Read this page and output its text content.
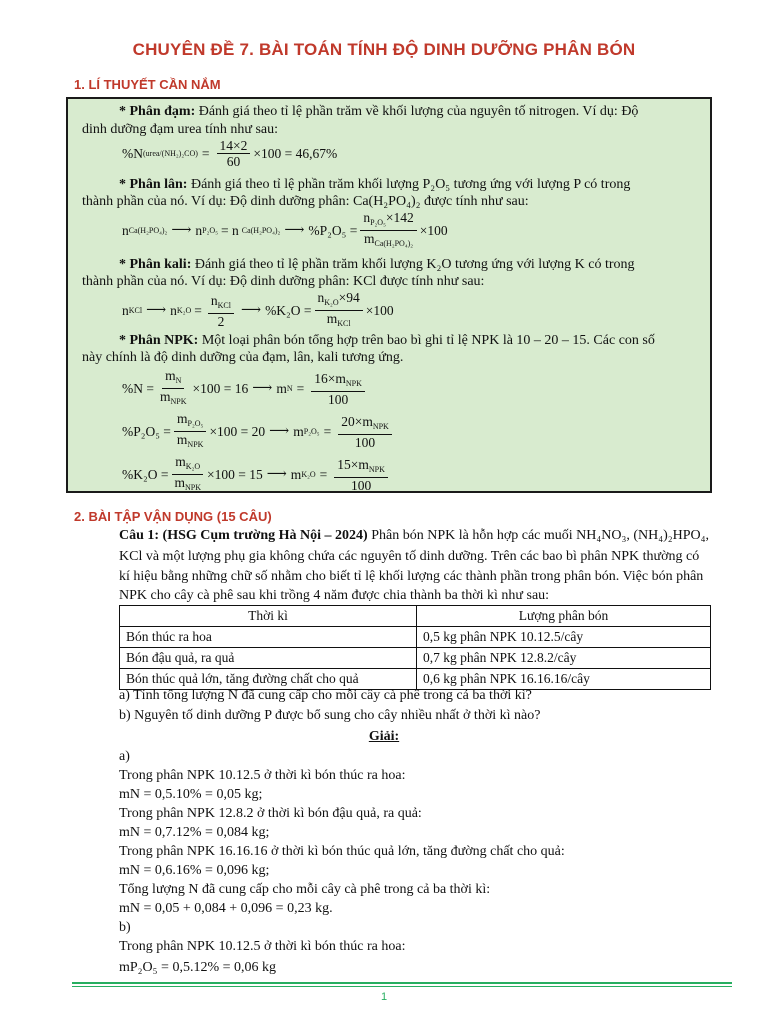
CHUYÊN ĐỀ 7. BÀI TOÁN TÍNH ĐỘ DINH DƯỠNG PHÂN BÓN
1. LÍ THUYẾT CẦN NẮM
* Phân đạm: Đánh giá theo tỉ lệ phần trăm về khối lượng của nguyên tố nitrogen. Ví dụ: Độ
dinh dưỡng đạm urea tính như sau:
%N (urea/(NH₂)₂CO) = $\frac{14\times 2}{60} \times 100 = 46,67\%$
* Phân lân: Đánh giá theo tỉ lệ phần trăm khối lượng P₂O₅ tương ứng với lượng P có trong
thành phần của nó. Ví dụ: Độ dinh dưỡng phân: Ca(H₂PO₄)₂ được tính như sau:
n Ca(H₂PO₄)₂ ⟶ n P₂O₅ = n Ca(H₂PO₄)₂ ⟶ $\%P_2O_5 = \frac{n_{P_2O_5}\times 142}{m_{Ca(H_2PO_4)_2}} \times 100$
* Phân kali: Đánh giá theo tỉ lệ phần trăm khối lượng K₂O tương ứng với lượng K có trong
thành phần của nó. Ví dụ: Độ dinh dưỡng phân: KCl được tính như sau:
n KCl ⟶ n $K_2O = \frac{n_{KCl}}{2}$ ⟶ $\%K_2O = \frac{n_{K_2O}\times 94}{m_{KCl}} \times 100$
* Phân NPK: Một loại phân bón tổng hợp trên bao bì ghi tỉ lệ NPK là 10 – 20 – 15. Các con số
này chính là độ dinh dưỡng của đạm, lân, kali tương ứng.
$\%N = \frac{m_N}{m_{NPK}} \times 100 = 16$ ⟶ m $N = \frac{16\times m_{NPK}}{100}$
$\%P_2O_5 = \frac{m_{P_2O_5}}{m_{NPK}} \times 100 = 20$ ⟶ m $P_2O_5 = \frac{20\times m_{NPK}}{100}$
$\%K_2O = \frac{m_{K_2O}}{m_{NPK}} \times 100 = 15$ ⟶ m $K_2O = \frac{15\times m_{NPK}}{100}$
2. BÀI TẬP VẬN DỤNG (15 CÂU)
Câu 1: (HSG Cụm trường Hà Nội – 2024) Phân bón NPK là hỗn hợp các muối NH₄NO₃, (NH₄)₂HPO₄,
KCl và một lượng phụ gia không chứa các nguyên tố dinh dưỡng. Trên các bao bì phân NPK thường có
kí hiệu bằng những chữ số nhằm cho biết tỉ lệ khối lượng các thành phần trong phân bón. Việc bón phân
NPK cho cây cà phê sau khi trồng 4 năm được chia thành ba thời kì như sau:
Thời kì	Lượng phân bón
Bón thúc ra hoa	0,5 kg phân NPK 10.12.5/cây
Bón đậu quả, ra quả	0,7 kg phân NPK 12.8.2/cây
Bón thúc quả lớn, tăng đường chất cho quả	0,6 kg phân NPK 16.16.16/cây
a) Tính tổng lượng N đã cung cấp cho mỗi cây cà phê trong cả ba thời kì?
b) Nguyên tố dinh dưỡng P được bổ sung cho cây nhiều nhất ở thời kì nào?
Giải:
a)
Trong phân NPK 10.12.5 ở thời kì bón thúc ra hoa:
mN = 0,5.10% = 0,05 kg;
Trong phân NPK 12.8.2 ở thời kì bón đậu quả, ra quả:
mN = 0,7.12% = 0,084 kg;
Trong phân NPK 16.16.16 ở thời kì bón thúc quả lớn, tăng đường chất cho quả:
mN = 0,6.16% = 0,096 kg;
Tổng lượng N đã cung cấp cho mỗi cây cà phê trong cả ba thời kì:
mN = 0,05 + 0,084 + 0,096 = 0,23 kg.
b)
Trong phân NPK 10.12.5 ở thời kì bón thúc ra hoa:
mP₂O₅ = 0,5.12% = 0,06 kg
1
